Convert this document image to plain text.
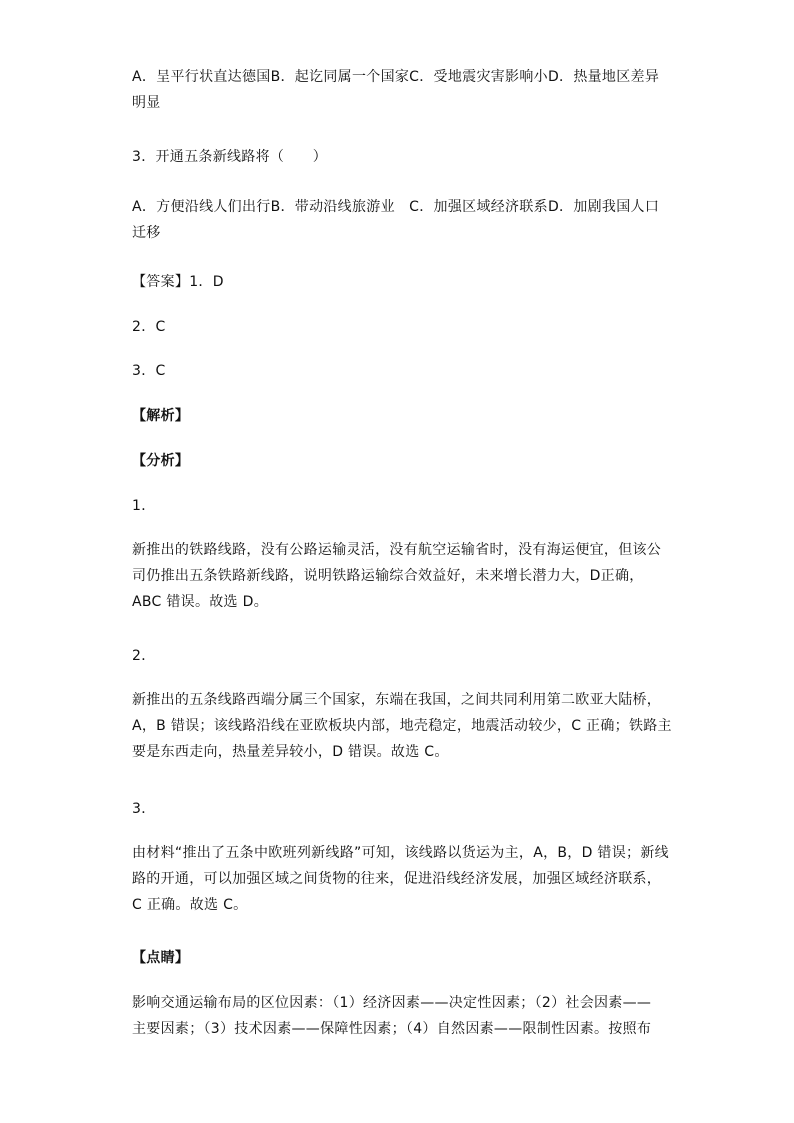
A．呈平行状直达德国B．起讫同属一个国家C．受地震灾害影响小D．热量地区差异
明显
3．开通五条新线路将（　　）
A．方便沿线人们出行B．带动沿线旅游业　C．加强区域经济联系D．加剧我国人口
迁移
【答案】1．D
2．C
3．C
【解析】
【分析】
1．
新推出的铁路线路，没有公路运输灵活，没有航空运输省时，没有海运便宜，但该公
司仍推出五条铁路新线路，说明铁路运输综合效益好，未来增长潜力大，D正确，
ABC 错误。故选 D。
2．
新推出的五条线路西端分属三个国家，东端在我国，之间共同利用第二欧亚大陆桥，
A，B 错误；该线路沿线在亚欧板块内部，地壳稳定，地震活动较少，C 正确；铁路主
要是东西走向，热量差异较小，D 错误。故选 C。
3．
由材料“推出了五条中欧班列新线路”可知，该线路以货运为主，A，B，D 错误；新线
路的开通，可以加强区域之间货物的往来，促进沿线经济发展，加强区域经济联系，
C 正确。故选 C。
【点睛】
影响交通运输布局的区位因素：（1）经济因素——决定性因素；（2）社会因素——
主要因素；（3）技术因素——保障性因素；（4）自然因素——限制性因素。按照布
